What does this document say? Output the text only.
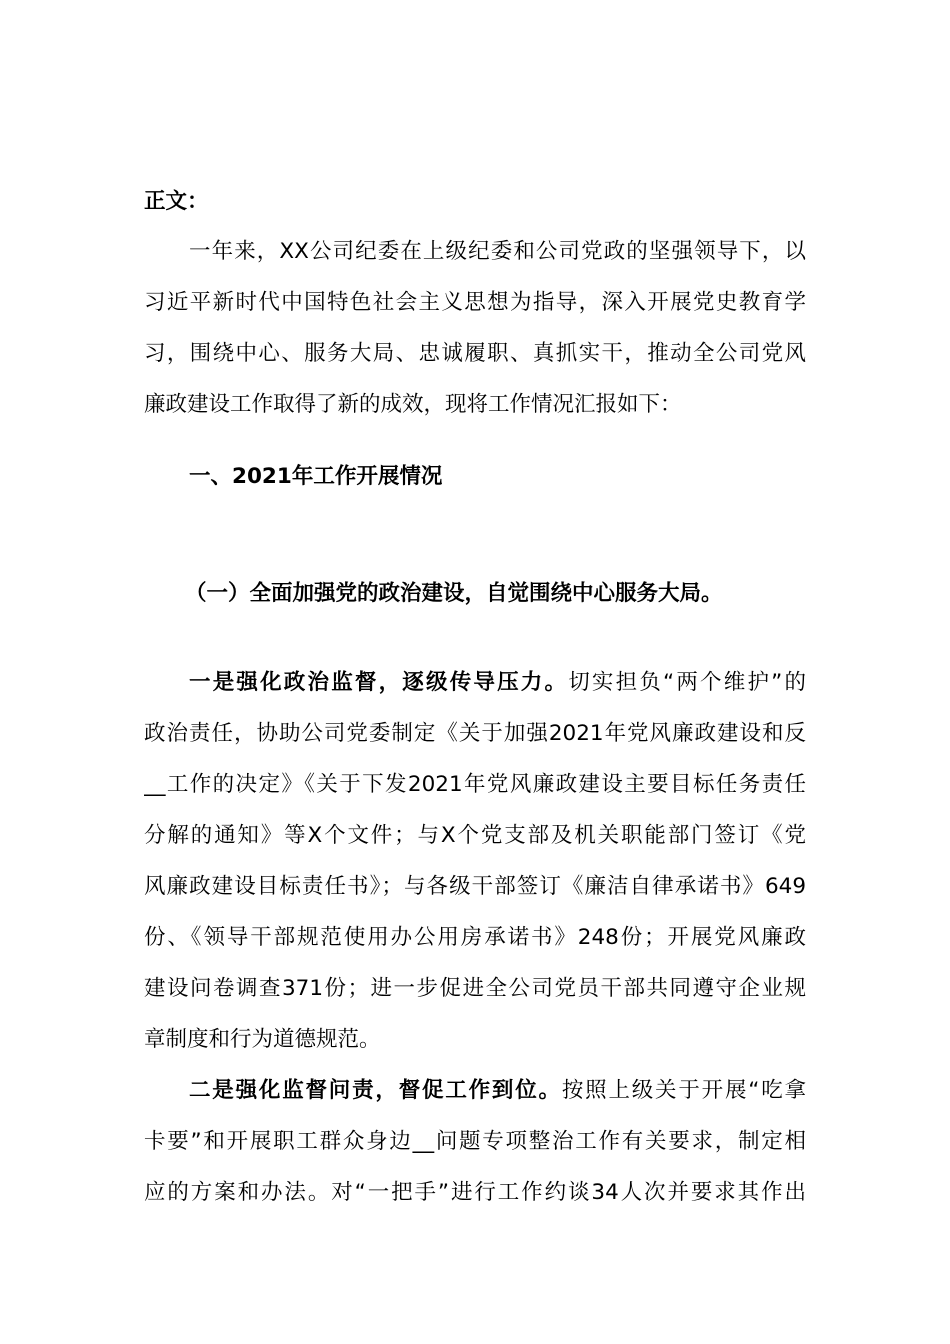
正文：
一年来，XX公司纪委在上级纪委和公司党政的坚强领导下，以
习近平新时代中国特色社会主义思想为指导，深入开展党史教育学
习，围绕中心、服务大局、忠诚履职、真抓实干，推动全公司党风
廉政建设工作取得了新的成效，现将工作情况汇报如下：
一、2021年工作开展情况
（一）全面加强党的政治建设，自觉围绕中心服务大局。
一是强化政治监督，逐级传导压力。切实担负“两个维护”的
政治责任，协助公司党委制定《关于加强2021年党风廉政建设和反
__工作的决定》《关于下发2021年党风廉政建设主要目标任务责任
分解的通知》等X个文件；与X个党支部及机关职能部门签订《党
风廉政建设目标责任书》；与各级干部签订《廉洁自律承诺书》649
份、《领导干部规范使用办公用房承诺书》248份；开展党风廉政
建设问卷调查371份；进一步促进全公司党员干部共同遵守企业规
章制度和行为道德规范。
二是强化监督问责，督促工作到位。按照上级关于开展“吃拿
卡要”和开展职工群众身边__问题专项整治工作有关要求，制定相
应的方案和办法。对“一把手”进行工作约谈34人次并要求其作出
